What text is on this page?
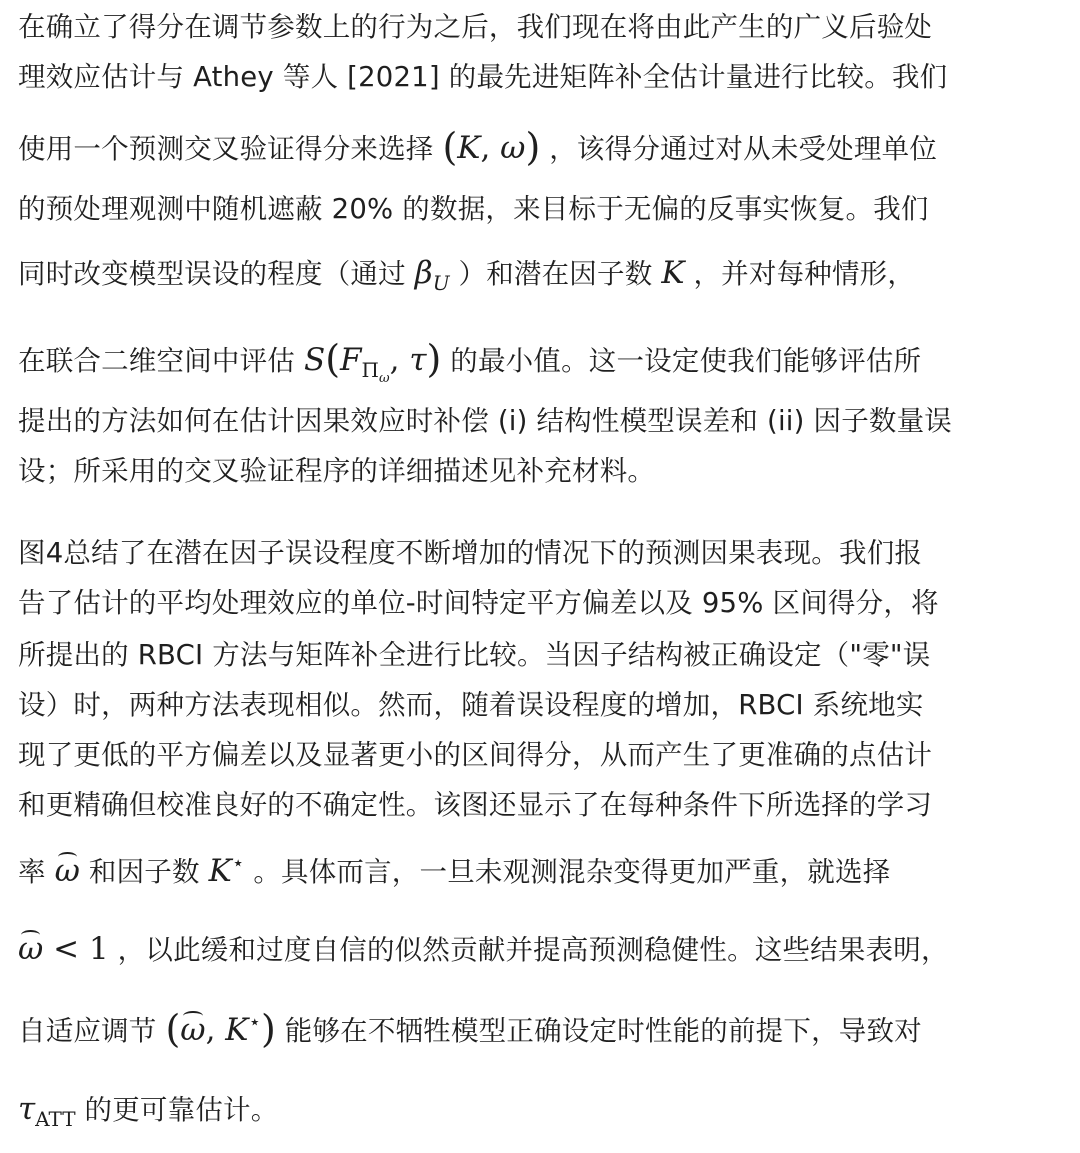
在确立了得分在调节参数上的行为之后，我们现在将由此产生的广义后验处
理效应估计与 Athey 等人 [2021] 的最先进矩阵补全估计量进行比较。我们
使用一个预测交叉验证得分来选择 (K, ω) ，该得分通过对从未受处理单位
的预处理观测中随机遮蔽 20% 的数据，来目标于无偏的反事实恢复。我们
同时改变模型误设的程度（通过 $\beta_U$ ）和潜在因子数 K ，并对每种情形，
在联合二维空间中评估 $S(F_{\Pi_\omega}$, τ) 的最小值。这一设定使我们能够评估所
提出的方法如何在估计因果效应时补偿 (i) 结构性模型误差和 (ii) 因子数量误
设；所采用的交叉验证程序的详细描述见补充材料。
图4总结了在潜在因子误设程度不断增加的情况下的预测因果表现。我们报
告了估计的平均处理效应的单位-时间特定平方偏差以及 95% 区间得分，将
所提出的 RBCI 方法与矩阵补全进行比较。当因子结构被正确设定（"零"误
设）时，两种方法表现相似。然而，随着误设程度的增加，RBCI 系统地实
现了更低的平方偏差以及显著更小的区间得分，从而产生了更准确的点估计
和更精确但校准良好的不确定性。该图还显示了在每种条件下所选择的学习
率 ω 和因子数 K⋆ 。具体而言，一旦未观测混杂变得更加严重，就选择
ω < 1 ，以此缓和过度自信的似然贡献并提高预测稳健性。这些结果表明，
自适应调节 (ω, K⋆) 能够在不牺牲模型正确设定时性能的前提下，导致对
$\tau_{ATT}$ 的更可靠估计。
